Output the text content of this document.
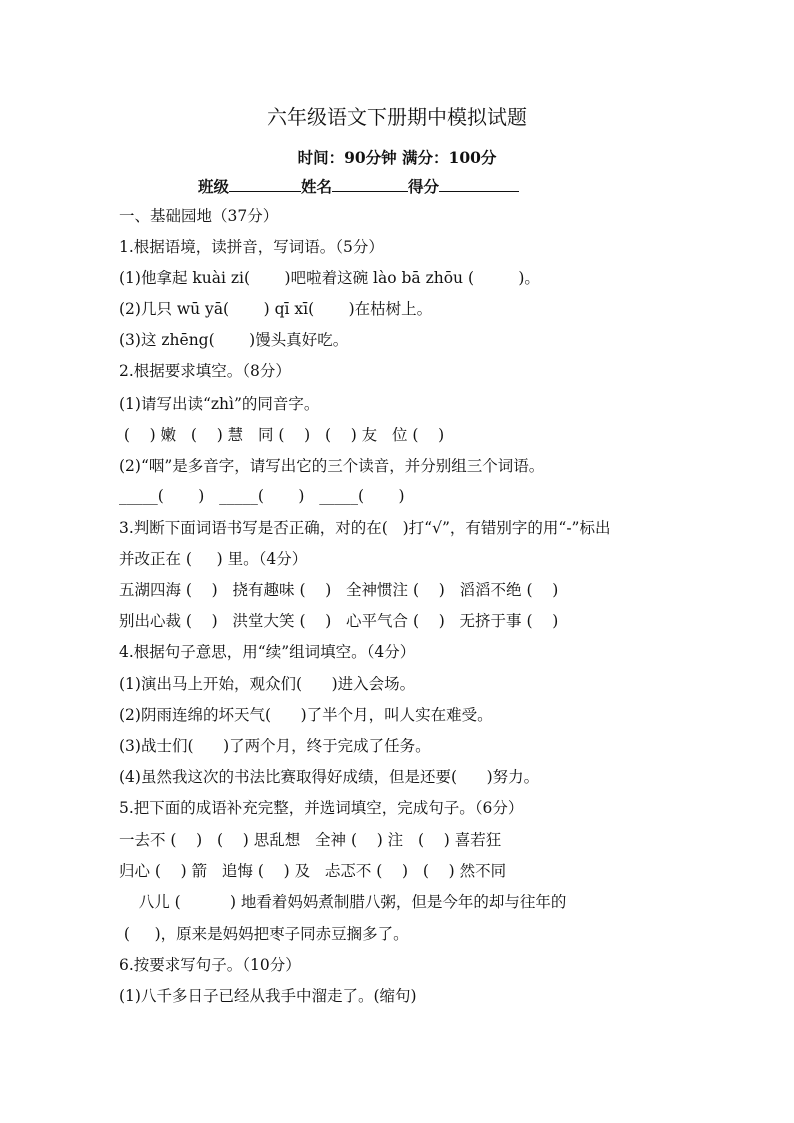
六年级语文下册期中模拟试题
时间：90分钟 满分：100分
班级	姓名	得分
一、基础园地（37分）
1.根据语境，读拼音，写词语。（5分）
(1)他拿起 kuài zi(       )吧啦着这碗 lào bā zhōu (         )。
(2)几只 wū yā(       ) qī xī(       )在枯树上。
(3)这 zhēng(       )馒头真好吃。
2.根据要求填空。（8分）
(1)请写出读“zhì”的同音字。
(    ) 嫩   (    ) 慧   同 (    )   (    ) 友   位 (    )
(2)“咽”是多音字，请写出它的三个读音，并分别组三个词语。
_____(       )   _____(       )   _____(       )
3.判断下面词语书写是否正确，对的在(   )打“√”，有错别字的用“-”标出
并改正在 (     ) 里。（4分）
五湖四海 (    )   挠有趣味 (    )   全神惯注 (    )   滔滔不绝 (    )
别出心裁 (    )   洪堂大笑 (    )   心平气合 (    )   无挤于事 (    )
4.根据句子意思，用“续”组词填空。（4分）
(1)演出马上开始，观众们(      )进入会场。
(2)阴雨连绵的坏天气(      )了半个月，叫人实在难受。
(3)战士们(      )了两个月，终于完成了任务。
(4)虽然我这次的书法比赛取得好成绩，但是还要(      )努力。
5.把下面的成语补充完整，并选词填空，完成句子。（6分）
一去不 (    )   (    ) 思乱想   全神 (    ) 注   (    ) 喜若狂
归心 (    ) 箭   追悔 (    ) 及   忐忑不 (    )   (    ) 然不同
八儿 (          ) 地看着妈妈煮制腊八粥，但是今年的却与往年的
(     )，原来是妈妈把枣子同赤豆搁多了。
6.按要求写句子。（10分）
(1)八千多日子已经从我手中溜走了。(缩句)
